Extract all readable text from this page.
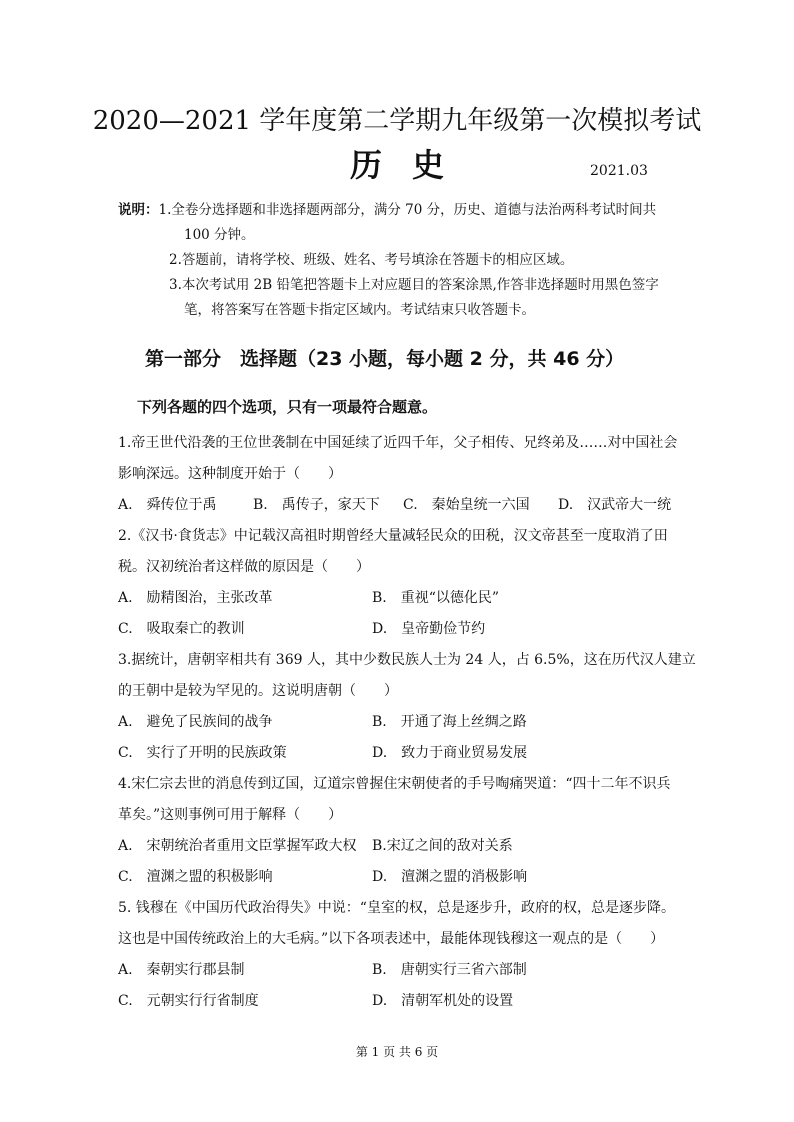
2020—2021 学年度第二学期九年级第一次模拟考试
历史	2021.03
说明：1.全卷分选择题和非选择题两部分，满分 70 分，历史、道德与法治两科考试时间共
100 分钟。
2.答题前，请将学校、班级、姓名、考号填涂在答题卡的相应区域。
3.本次考试用 2B 铅笔把答题卡上对应题目的答案涂黑,作答非选择题时用黑色签字
笔，将答案写在答题卡指定区域内。考试结束只收答题卡。
第一部分　选择题（23 小题，每小题 2 分，共 46 分）
下列各题的四个选项，只有一项最符合题意。
1.帝王世代沿袭的王位世袭制在中国延续了近四千年，父子相传、兄终弟及……对中国社会
影响深远。这种制度开始于（　　）
A.　舜传位于禹	B.　禹传子，家天下	C.　秦始皇统一六国	D.　汉武帝大一统
2.《汉书·食货志》中记载汉高祖时期曾经大量减轻民众的田税，汉文帝甚至一度取消了田
税。汉初统治者这样做的原因是（　　）
A.　励精图治，主张改革	B.　重视“以德化民”
C.　吸取秦亡的教训	D.　皇帝勤俭节约
3.据统计，唐朝宰相共有 369 人，其中少数民族人士为 24 人，占 6.5%，这在历代汉人建立
的王朝中是较为罕见的。这说明唐朝（　　）
A.　避免了民族间的战争	B.　开通了海上丝绸之路
C.　实行了开明的民族政策	D.　致力于商业贸易发展
4.宋仁宗去世的消息传到辽国，辽道宗曾握住宋朝使者的手号啕痛哭道：“四十二年不识兵
革矣。”这则事例可用于解释（　　）
A.　宋朝统治者重用文臣掌握军政大权	B.宋辽之间的敌对关系
C.　澶渊之盟的积极影响	D.　澶渊之盟的消极影响
5. 钱穆在《中国历代政治得失》中说：“皇室的权，总是逐步升，政府的权，总是逐步降。
这也是中国传统政治上的大毛病。”以下各项表述中，最能体现钱穆这一观点的是（　　）
A.　秦朝实行郡县制	B.　唐朝实行三省六部制
C.　元朝实行行省制度	D.　清朝军机处的设置
第 1 页 共 6 页
